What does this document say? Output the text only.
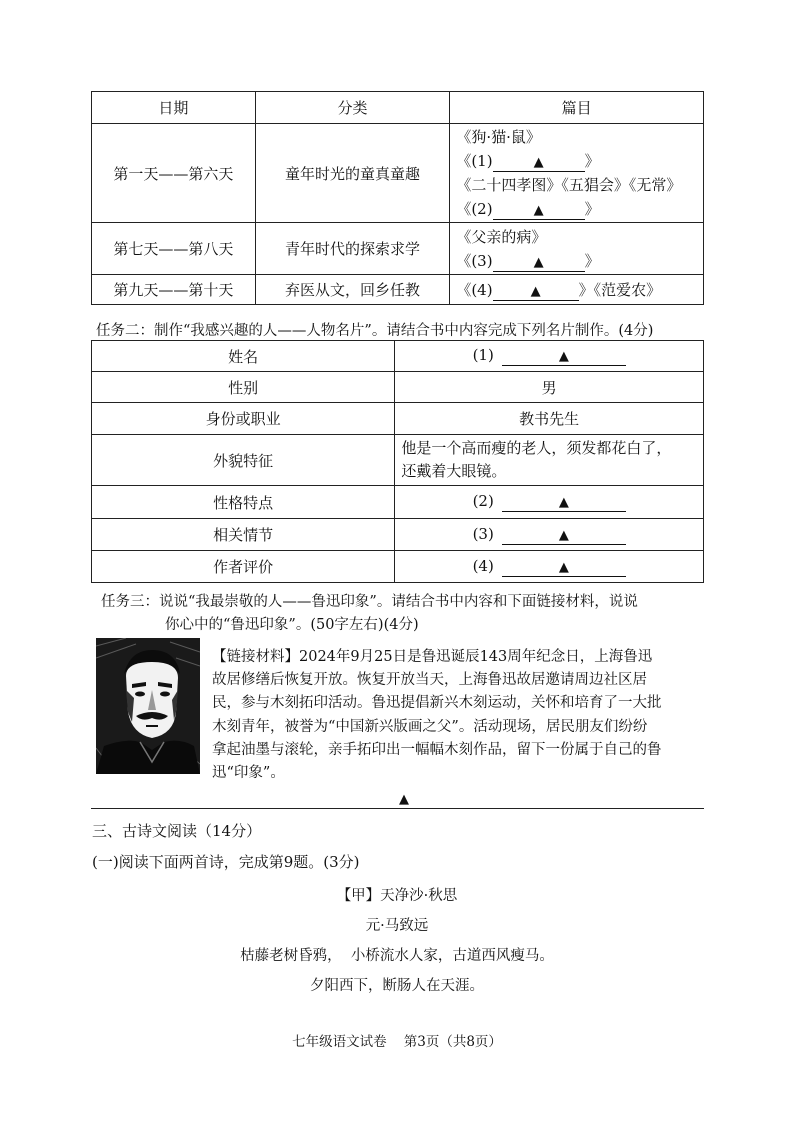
日期	分类	篇目
第一天——第六天	童年时光的童真童趣	《狗·猫·鼠》
《(1) ▲ 》
《二十四孝图》《五猖会》《无常》
《(2) ▲ 》

第七天——第八天	青年时代的探索求学	《父亲的病》
《(3) ▲ 》

第九天——第十天	弃医从文，回乡任教	《(4) ▲ 》《范爱农》
任务二：制作“我感兴趣的人——人物名片”。请结合书中内容完成下列名片制作。(4分)
姓名	(1) ▲
性别	男
身份或职业	教书先生
外貌特征	他是一个高而瘦的老人，须发都花白了，
还戴着大眼镜。

性格特点	(2) ▲
相关情节	(3) ▲
作者评价	(4) ▲
任务三：说说“我最崇敬的人——鲁迅印象”。请结合书中内容和下面链接材料，说说
你心中的“鲁迅印象”。(50字左右)(4分)
【链接材料】2024年9月25日是鲁迅诞辰143周年纪念日，上海鲁迅
故居修缮后恢复开放。恢复开放当天，上海鲁迅故居邀请周边社区居
民，参与木刻拓印活动。鲁迅提倡新兴木刻运动，关怀和培育了一大批
木刻青年，被誉为“中国新兴版画之父”。活动现场，居民朋友们纷纷
拿起油墨与滚轮，亲手拓印出一幅幅木刻作品，留下一份属于自己的鲁
迅“印象”。
▲
三、古诗文阅读（14分）
(一)阅读下面两首诗，完成第9题。(3分)
【甲】天净沙·秋思
元·马致远
枯藤老树昏鸦，  小桥流水人家，古道西风瘦马。
夕阳西下，断肠人在天涯。
七年级语文试卷    第3页（共8页）
